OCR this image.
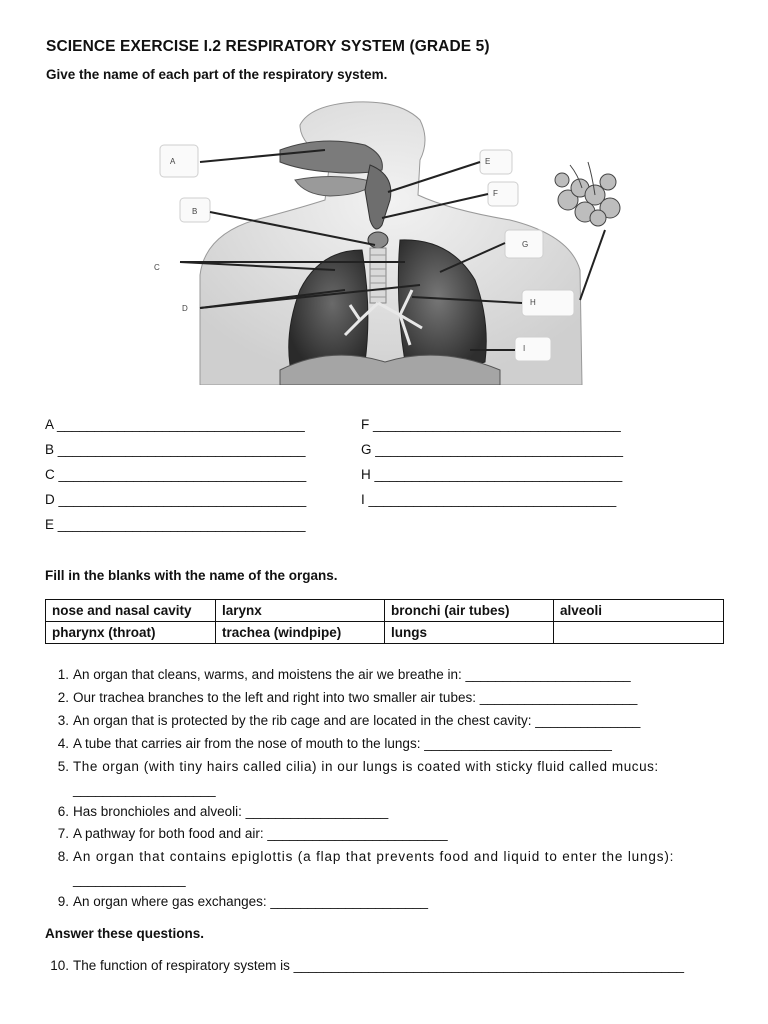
SCIENCE EXERCISE I.2 RESPIRATORY SYSTEM (GRADE 5)
Give the name of each part of the respiratory system.
A
B
C
D
E
F
G
H
I
A _________________________________
B _________________________________
C _________________________________
D _________________________________
E _________________________________
F _________________________________
G _________________________________
H _________________________________
I _________________________________
Fill in the blanks with the name of the organs.
nose and nasal cavity	larynx	bronchi (air tubes)	alveoli
pharynx (throat)	trachea (windpipe)	lungs	
1. An organ that cleans, warms, and moistens the air we breathe in: ______________________
2. Our trachea branches to the left and right into two smaller air tubes: _____________________
3. An organ that is protected by the rib cage and are located in the chest cavity: ______________
4. A tube that carries air from the nose of mouth to the lungs: _________________________
5. The organ (with tiny hairs called cilia) in our lungs is coated with sticky fluid called mucus:
___________________
6. Has bronchioles and alveoli: ___________________
7. A pathway for both food and air: ________________________
8. An organ that contains epiglottis (a flap that prevents food and liquid to enter the lungs):
_______________
9. An organ where gas exchanges: _____________________
Answer these questions.
10. The function of respiratory system is ____________________________________________________
